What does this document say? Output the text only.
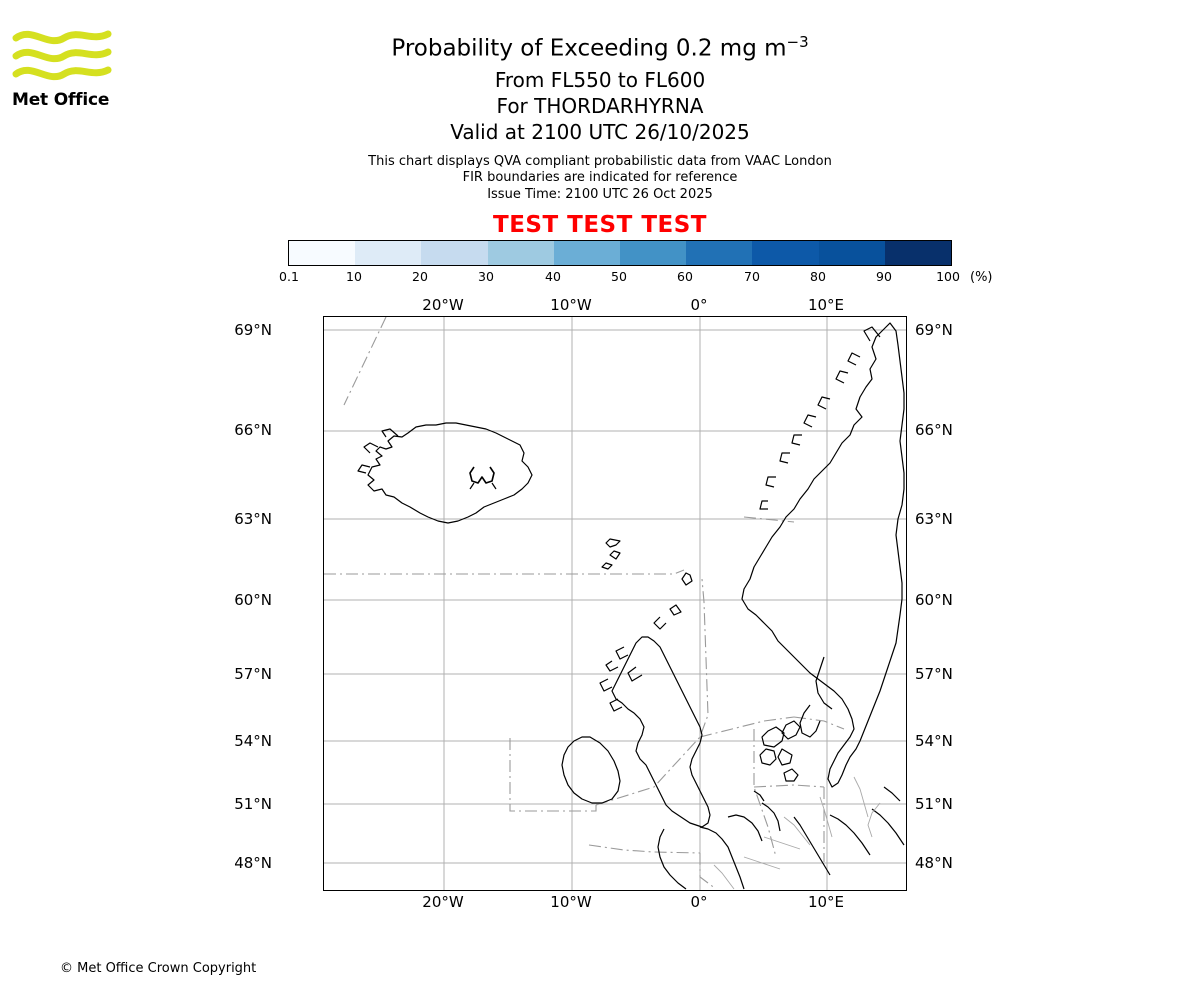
Met Office
Probability of Exceeding 0.2 mg $m^{-3}$
From FL550 to FL600
For THORDARHYRNA
Valid at 2100 UTC 26/10/2025
This chart displays QVA compliant probabilistic data from VAAC London
FIR boundaries are indicated for reference
Issue Time: 2100 UTC 26 Oct 2025
TEST TEST TEST
0.1	10	20	30	40	50	60	70	80	90	100 (%)
20°W	10°W	0°	10°E
69°N
66°N
63°N
60°N
57°N
54°N
51°N
48°N
69°N
66°N
63°N
60°N
57°N
54°N
51°N
48°N
20°W	10°W	0°	10°E
© Met Office Crown Copyright
